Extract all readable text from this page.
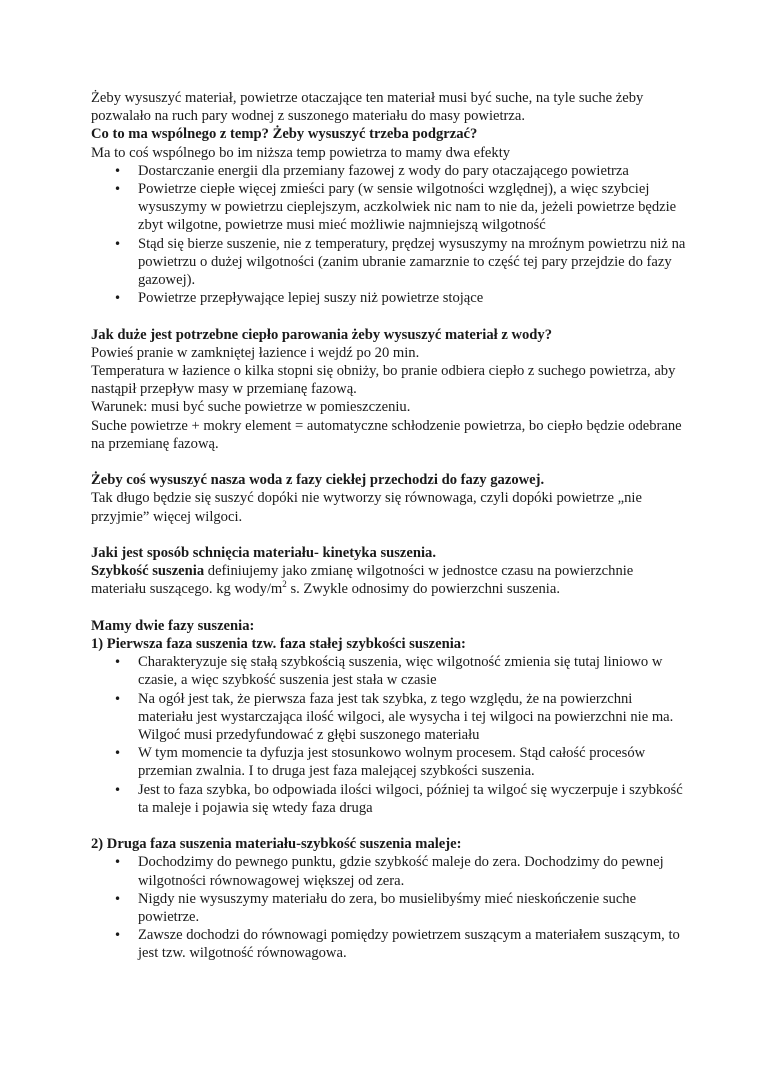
Żeby wysuszyć materiał, powietrze otaczające ten materiał musi być suche, na tyle suche żeby pozwalało na ruch pary wodnej z suszonego materiału do masy powietrza.

Co to ma wspólnego z temp? Żeby wysuszyć trzeba podgrzać?

Ma to coś wspólnego bo im niższa temp powietrza to mamy dwa efekty

• Dostarczanie energii dla przemiany fazowej z wody do pary otaczającego powietrza
• Powietrze ciepłe więcej zmieści pary (w sensie wilgotności względnej), a więc szybciej wysuszymy w powietrzu cieplejszym, aczkolwiek nic nam to nie da, jeżeli powietrze będzie zbyt wilgotne, powietrze musi mieć możliwie najmniejszą wilgotność
• Stąd się bierze suszenie, nie z temperatury, prędzej wysuszymy na mroźnym powietrzu niż na powietrzu o dużej wilgotności (zanim ubranie zamarznie to część tej pary przejdzie do fazy gazowej).
• Powietrze przepływające lepiej suszy niż powietrze stojące

Jak duże jest potrzebne ciepło parowania żeby wysuszyć materiał z wody?

Powieś pranie w zamkniętej łazience i wejdź po 20 min.

Temperatura w łazience o kilka stopni się obniży, bo pranie odbiera ciepło z suchego powietrza, aby nastąpił przepływ masy w przemianę fazową.

Warunek: musi być suche powietrze w pomieszczeniu.

Suche powietrze + mokry element = automatyczne schłodzenie powietrza, bo ciepło będzie odebrane na przemianę fazową.

Żeby coś wysuszyć nasza woda z fazy ciekłej przechodzi do fazy gazowej.

Tak długo będzie się suszyć dopóki nie wytworzy się równowaga, czyli dopóki powietrze „nie przyjmie” więcej wilgoci.

Jaki jest sposób schnięcia materiału- kinetyka suszenia.

Szybkość suszenia definiujemy jako zmianę wilgotności w jednostce czasu na powierzchnie materiału suszącego. kg wody/$m^2$ s. Zwykle odnosimy do powierzchni suszenia.

Mamy dwie fazy suszenia:

1) Pierwsza faza suszenia tzw. faza stałej szybkości suszenia:

• Charakteryzuje się stałą szybkością suszenia, więc wilgotność zmienia się tutaj liniowo w czasie, a więc szybkość suszenia jest stała w czasie
• Na ogół jest tak, że pierwsza faza jest tak szybka, z tego względu, że na powierzchni materiału jest wystarczająca ilość wilgoci, ale wysycha i tej wilgoci na powierzchni nie ma. Wilgoć musi przedyfundować z głębi suszonego materiału
• W tym momencie ta dyfuzja jest stosunkowo wolnym procesem. Stąd całość procesów przemian zwalnia. I to druga jest faza malejącej szybkości suszenia.
• Jest to faza szybka, bo odpowiada ilości wilgoci, później ta wilgoć się wyczerpuje i szybkość ta maleje i pojawia się wtedy faza druga

2) Druga faza suszenia materiału-szybkość suszenia maleje:

• Dochodzimy do pewnego punktu, gdzie szybkość maleje do zera. Dochodzimy do pewnej wilgotności równowagowej większej od zera.
• Nigdy nie wysuszymy materiału do zera, bo musielibyśmy mieć nieskończenie suche powietrze.
• Zawsze dochodzi do równowagi pomiędzy powietrzem suszącym a materiałem suszącym, to jest tzw. wilgotność równowagowa.
